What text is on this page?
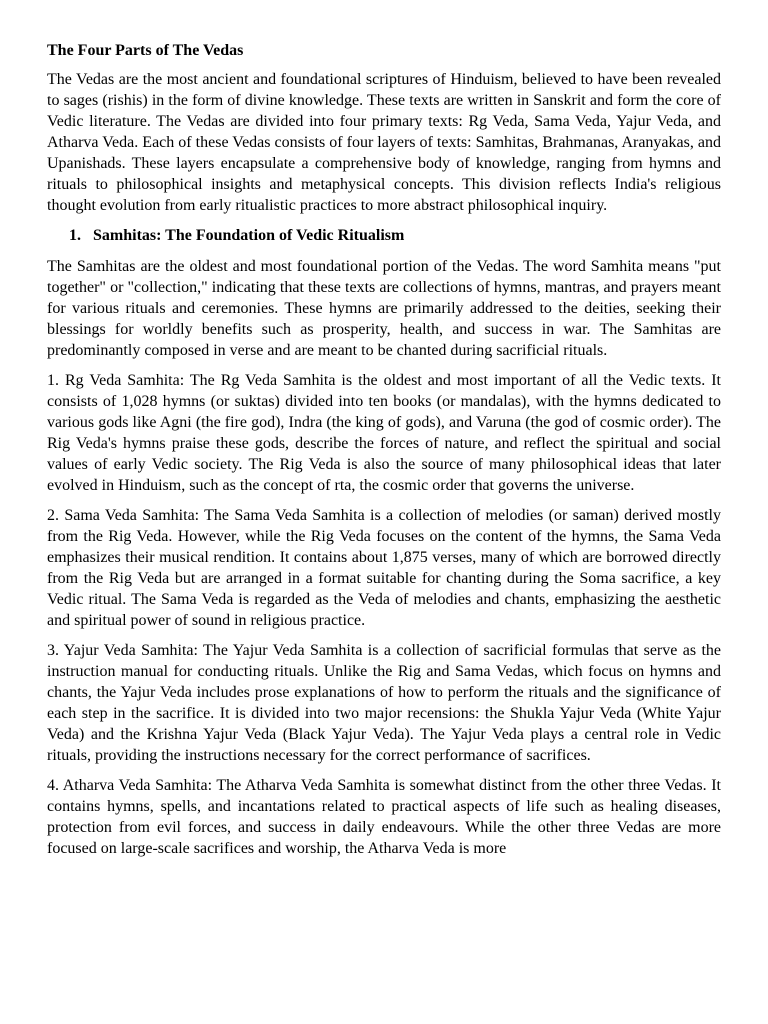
The Four Parts of The Vedas

The Vedas are the most ancient and foundational scriptures of Hinduism, believed to have been revealed to sages (rishis) in the form of divine knowledge. These texts are written in Sanskrit and form the core of Vedic literature. The Vedas are divided into four primary texts: Rg Veda, Sama Veda, Yajur Veda, and Atharva Veda. Each of these Vedas consists of four layers of texts: Samhitas, Brahmanas, Aranyakas, and Upanishads. These layers encapsulate a comprehensive body of knowledge, ranging from hymns and rituals to philosophical insights and metaphysical concepts. This division reflects India's religious thought evolution from early ritualistic practices to more abstract philosophical inquiry.

1. Samhitas: The Foundation of Vedic Ritualism

The Samhitas are the oldest and most foundational portion of the Vedas. The word Samhita means "put together" or "collection," indicating that these texts are collections of hymns, mantras, and prayers meant for various rituals and ceremonies. These hymns are primarily addressed to the deities, seeking their blessings for worldly benefits such as prosperity, health, and success in war. The Samhitas are predominantly composed in verse and are meant to be chanted during sacrificial rituals.

1. Rg Veda Samhita: The Rg Veda Samhita is the oldest and most important of all the Vedic texts. It consists of 1,028 hymns (or suktas) divided into ten books (or mandalas), with the hymns dedicated to various gods like Agni (the fire god), Indra (the king of gods), and Varuna (the god of cosmic order). The Rig Veda's hymns praise these gods, describe the forces of nature, and reflect the spiritual and social values of early Vedic society. The Rig Veda is also the source of many philosophical ideas that later evolved in Hinduism, such as the concept of rta, the cosmic order that governs the universe.

2. Sama Veda Samhita: The Sama Veda Samhita is a collection of melodies (or saman) derived mostly from the Rig Veda. However, while the Rig Veda focuses on the content of the hymns, the Sama Veda emphasizes their musical rendition. It contains about 1,875 verses, many of which are borrowed directly from the Rig Veda but are arranged in a format suitable for chanting during the Soma sacrifice, a key Vedic ritual. The Sama Veda is regarded as the Veda of melodies and chants, emphasizing the aesthetic and spiritual power of sound in religious practice.

3. Yajur Veda Samhita: The Yajur Veda Samhita is a collection of sacrificial formulas that serve as the instruction manual for conducting rituals. Unlike the Rig and Sama Vedas, which focus on hymns and chants, the Yajur Veda includes prose explanations of how to perform the rituals and the significance of each step in the sacrifice. It is divided into two major recensions: the Shukla Yajur Veda (White Yajur Veda) and the Krishna Yajur Veda (Black Yajur Veda). The Yajur Veda plays a central role in Vedic rituals, providing the instructions necessary for the correct performance of sacrifices.

4. Atharva Veda Samhita: The Atharva Veda Samhita is somewhat distinct from the other three Vedas. It contains hymns, spells, and incantations related to practical aspects of life such as healing diseases, protection from evil forces, and success in daily endeavours. While the other three Vedas are more focused on large-scale sacrifices and worship, the Atharva Veda is more
